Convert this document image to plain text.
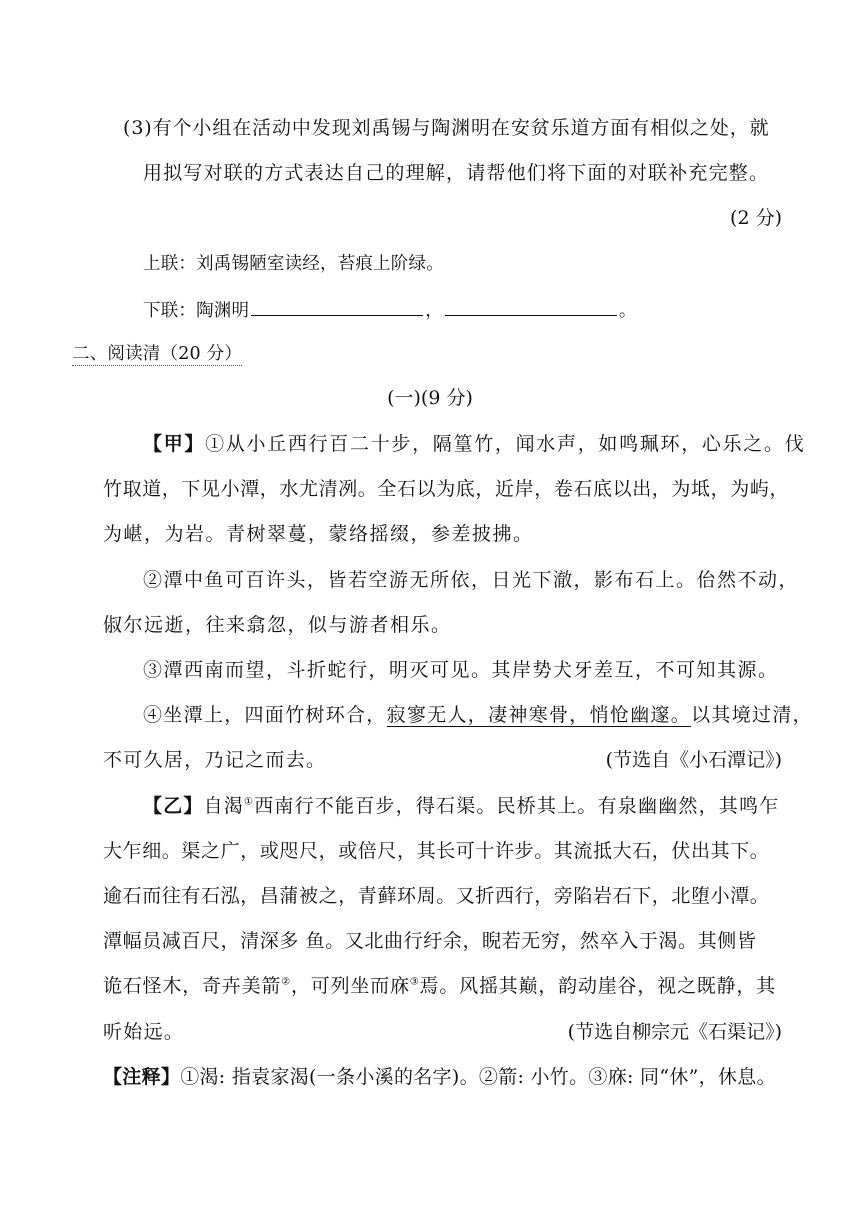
(3)有个小组在活动中发现刘禹锡与陶渊明在安贫乐道方面有相似之处，就
用拟写对联的方式表达自己的理解，请帮他们将下面的对联补充完整。
(2 分)
上联：刘禹锡陋室读经，苔痕上阶绿。
下联：陶渊明	，	。
二、阅读清（20 分）
(一)(9 分)
【甲】①从小丘西行百二十步，隔篁竹，闻水声，如鸣珮环，心乐之。伐
竹取道，下见小潭，水尤清冽。全石以为底，近岸，卷石底以出，为坻，为屿，
为嵁，为岩。青树翠蔓，蒙络摇缀，参差披拂。
②潭中鱼可百许头，皆若空游无所依，日光下澈，影布石上。佁然不动，
俶尔远逝，往来翕忽，似与游者相乐。
③潭西南而望，斗折蛇行，明灭可见。其岸势犬牙差互，不可知其源。
④坐潭上，四面竹树环合，寂寥无人，凄神寒骨，悄怆幽邃。以其境过清，
不可久居，乃记之而去。	(节选自《小石潭记》)
【乙】自渴①西南行不能百步，得石渠。民桥其上。有泉幽幽然，其鸣乍
大乍细。渠之广，或咫尺，或倍尺，其长可十许步。其流抵大石，伏出其下。
逾石而往有石泓，昌蒲被之，青藓环周。又折西行，旁陷岩石下，北堕小潭。
潭幅员减百尺，清深多 鱼。又北曲行纡余，睨若无穷，然卒入于渴。其侧皆
诡石怪木，奇卉美箭②，可列坐而庥③焉。风摇其巅，韵动崖谷，视之既静，其
听始远。	(节选自柳宗元《石渠记》)
【注释】①渴: 指袁家渴(一条小溪的名字)。②箭: 小竹。③庥: 同“休”，休息。
